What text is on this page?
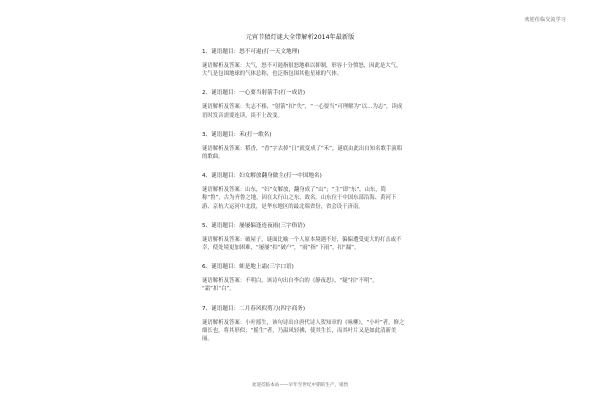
欢迎莅临交流学习
元宵节猜灯谜大全带解析2014年最新版
1、谜语题目：怒不可遏(打一天文地理)
谜语解析及答案：大气，怒不可遏指很怒地难以抑制，形容十分愤怒，因此是大气。
大气是包围地球的气体总称，也泛指包围其他星球的气体。
2、谜语题目：一心要当射箭手(打一成语)
谜语解析及答案：失志不移，“射箭”扣“失”，“一心要当”可理解为“以…为志”，读成语时发音需要连读，谈不上改变。
3、谜语题目：禾(打一歌名)
谜语解析及答案：稻香，“香”字去掉“日”就变成了“禾”，谜底由此出自知名歌手演唱的歌曲。
4、谜语题目：妇女解放翻身做主(打一中国地名)
谜语解析及答案：山东，“妇”女解放，翻身成了“山”；“主”即“东”，山东，简称“鲁”，古为齐鲁之地，因在太行山之东，故名。山东位于中国东部沿海、黄河下游、京杭大运河中北段，是华东地区的最北端省份，省会设于济南。
5、谜语题目：屡屡偏逢连夜雨(三字俗语)
谜语解析及答案：破屋子，谜面比喻一个人原本境遇不好，偏偏遭受更大的打击或不幸，使处境更加困难，“屡屡”扣“破户”，“雨”指“下雨”，扣“漏”。
6、谜语题目：蛙是地上霜(三字口语)
谜语解析及答案：不明白，该诗句出自李白的《静夜思》，“疑”扣“不明”，
“霜”扣“白”。
7、谜语题目：二月春风似剪刀(四字商务)
谜语解析及答案：小叶摇生，该句诗出自唐代诗人贺知章的《咏柳》，“小叶”者，修之细长也，将其形似；“摇生”者，乃温风轻拂，使其生长，而其叶片又是如此清新美丽。
欢迎莅临本站——早年至世纪中期的生产，销售
